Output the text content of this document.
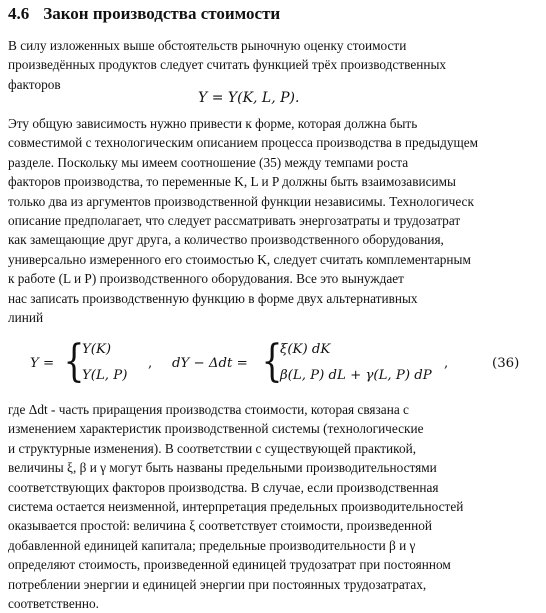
4.6 Закон производства стоимости
В силу изложенных выше обстоятельств рыночную оценку стоимости
произведённых продуктов следует считать функцией трёх производственных
факторов
Y = Y(K, L, P).
Эту общую зависимость нужно привести к форме, которая должна быть
совместимой с технологическим описанием процесса производства в предыдущем
разделе. Поскольку мы имеем соотношение (35) между темпами роста
факторов производства, то переменные K, L и P должны быть взаимозависимы
только два из аргументов производственной функции независимы. Технологическ
описание предполагает, что следует рассматривать энергозатраты и трудозатрат
как замещающие друг друга, а количество производственного оборудования,
универсально измеренного его стоимостью K, следует считать комплементарным
к работе (L и P) производственного оборудования. Все это вынуждает
нас записать производственную функцию в форме двух альтернативных
линий
Y = {
Y(K)
Y(L, P)
, dY − Δdt = {
ξ(K) dK
β(L, P) dL + γ(L, P) dP
,	(36)
где Δdt - часть приращения производства стоимости, которая связана с
изменением характеристик производственной системы (технологические
и структурные изменения). В соответствии с существующей практикой,
величины ξ, β и γ могут быть названы предельными производительностями
соответствующих факторов производства. В случае, если производственная
система остается неизменной, интерпретация предельных производительностей
оказывается простой: величина ξ соответствует стоимости, произведенной
добавленной единицей капитала; предельные производительности β и γ
определяют стоимость, произведенной единицей трудозатрат при постоянном
потреблении энергии и единицей энергии при постоянных трудозатратах,
соответственно.
